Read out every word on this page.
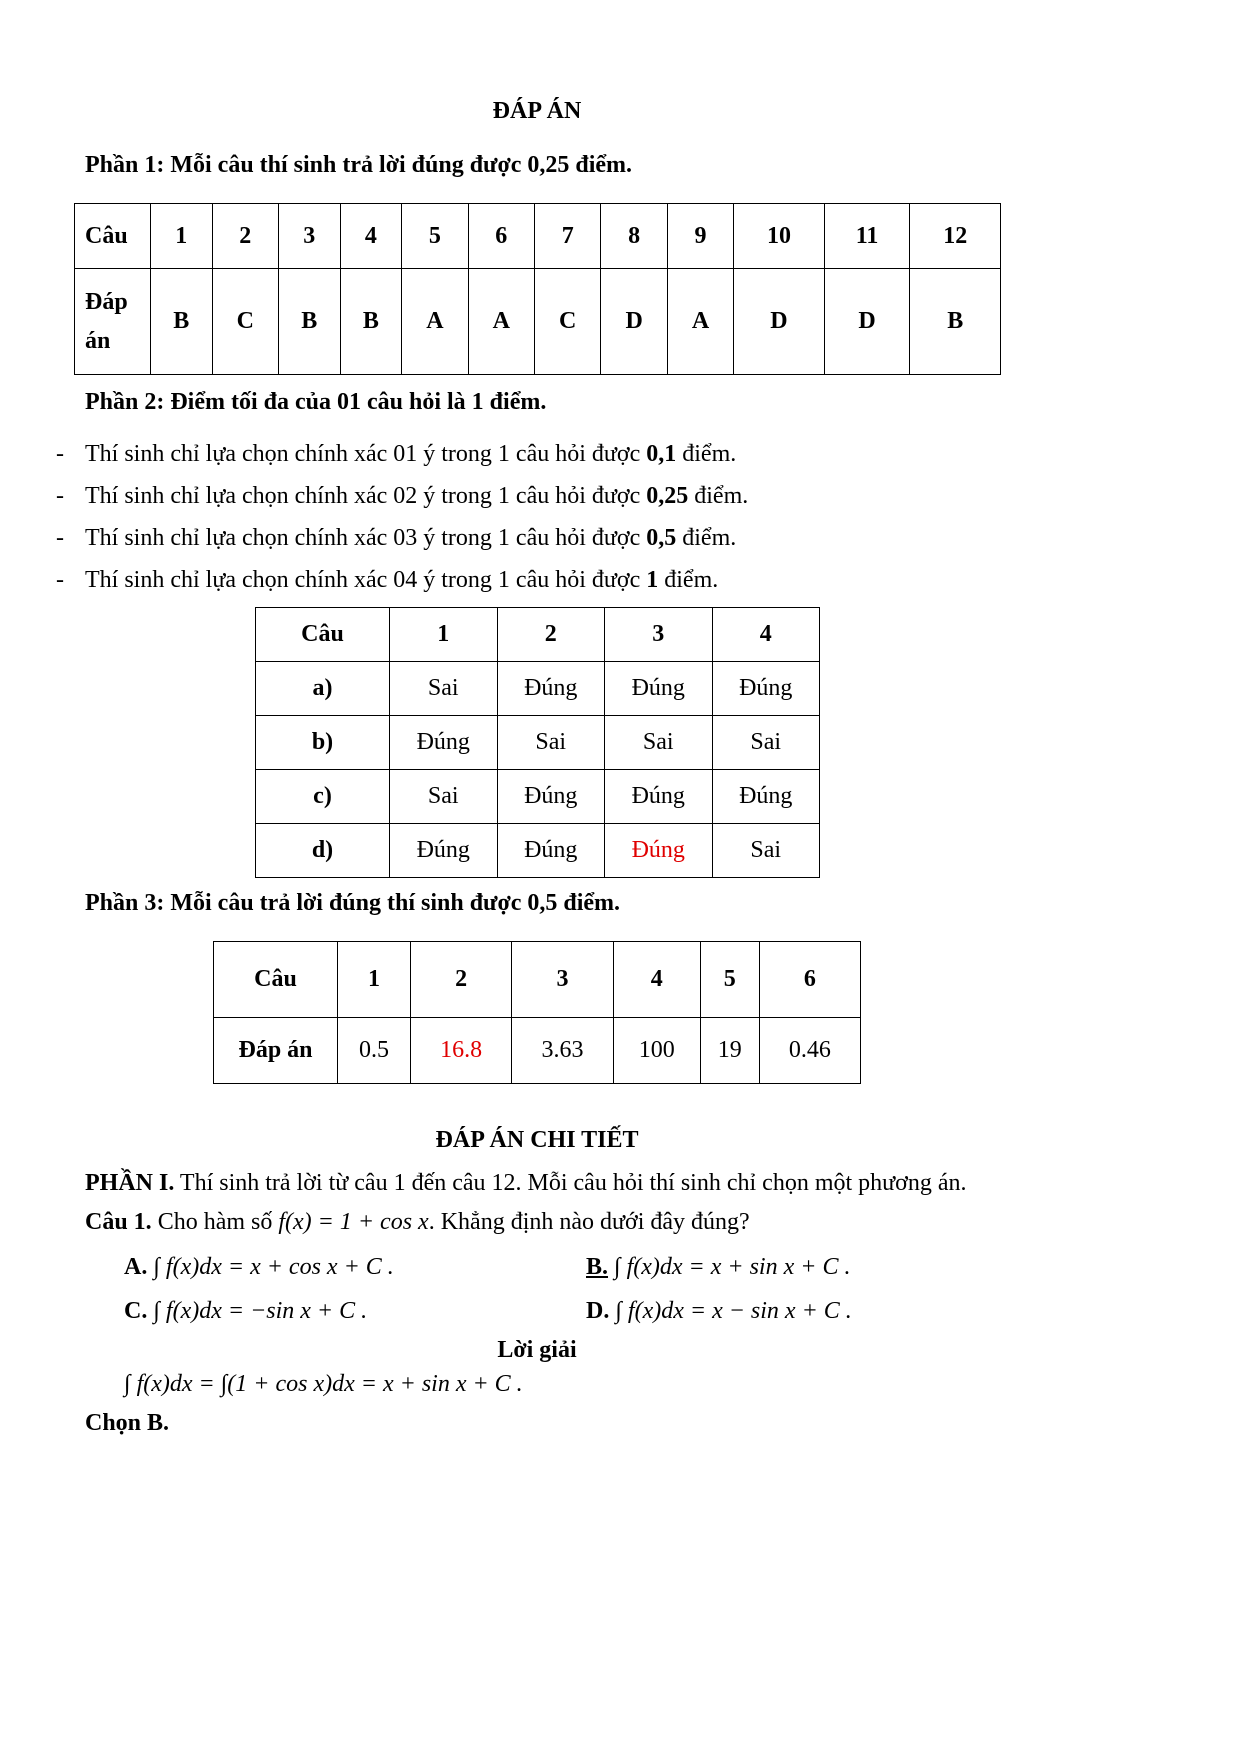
ĐÁP ÁN
Phần 1: Mỗi câu thí sinh trả lời đúng được 0,25 điểm.
Câu	1	2	3	4	5	6	7	8	9	10	11	12

Đáp
án	B	C	B	B	A	A	C	D	A	D	D	B
Phần 2: Điểm tối đa của 01 câu hỏi là 1 điểm.
- Thí sinh chỉ lựa chọn chính xác 01 ý trong 1 câu hỏi được 0,1 điểm.
- Thí sinh chỉ lựa chọn chính xác 02 ý trong 1 câu hỏi được 0,25 điểm.
- Thí sinh chỉ lựa chọn chính xác 03 ý trong 1 câu hỏi được 0,5 điểm.
- Thí sinh chỉ lựa chọn chính xác 04 ý trong 1 câu hỏi được 1 điểm.
Câu	1	2	3	4
a)	Sai	Đúng	Đúng	Đúng
b)	Đúng	Sai	Sai	Sai
c)	Sai	Đúng	Đúng	Đúng
d)	Đúng	Đúng	Đúng	Sai
Phần 3: Mỗi câu trả lời đúng thí sinh được 0,5 điểm.
Câu	1	2	3	4	5	6
Đáp án	0.5	16.8	3.63	100	19	0.46
ĐÁP ÁN CHI TIẾT
PHẦN I. Thí sinh trả lời từ câu 1 đến câu 12. Mỗi câu hỏi thí sinh chỉ chọn một phương án.
Câu 1. Cho hàm số f(x) = 1 + cos x. Khẳng định nào dưới đây đúng?
A. ∫ f(x)dx = x + cos x + C .	B. ∫ f(x)dx = x + sin x + C .
C. ∫ f(x)dx = −sin x + C .	D. ∫ f(x)dx = x − sin x + C .
Lời giải
∫ f(x)dx = ∫(1 + cos x)dx = x + sin x + C .
Chọn B.
